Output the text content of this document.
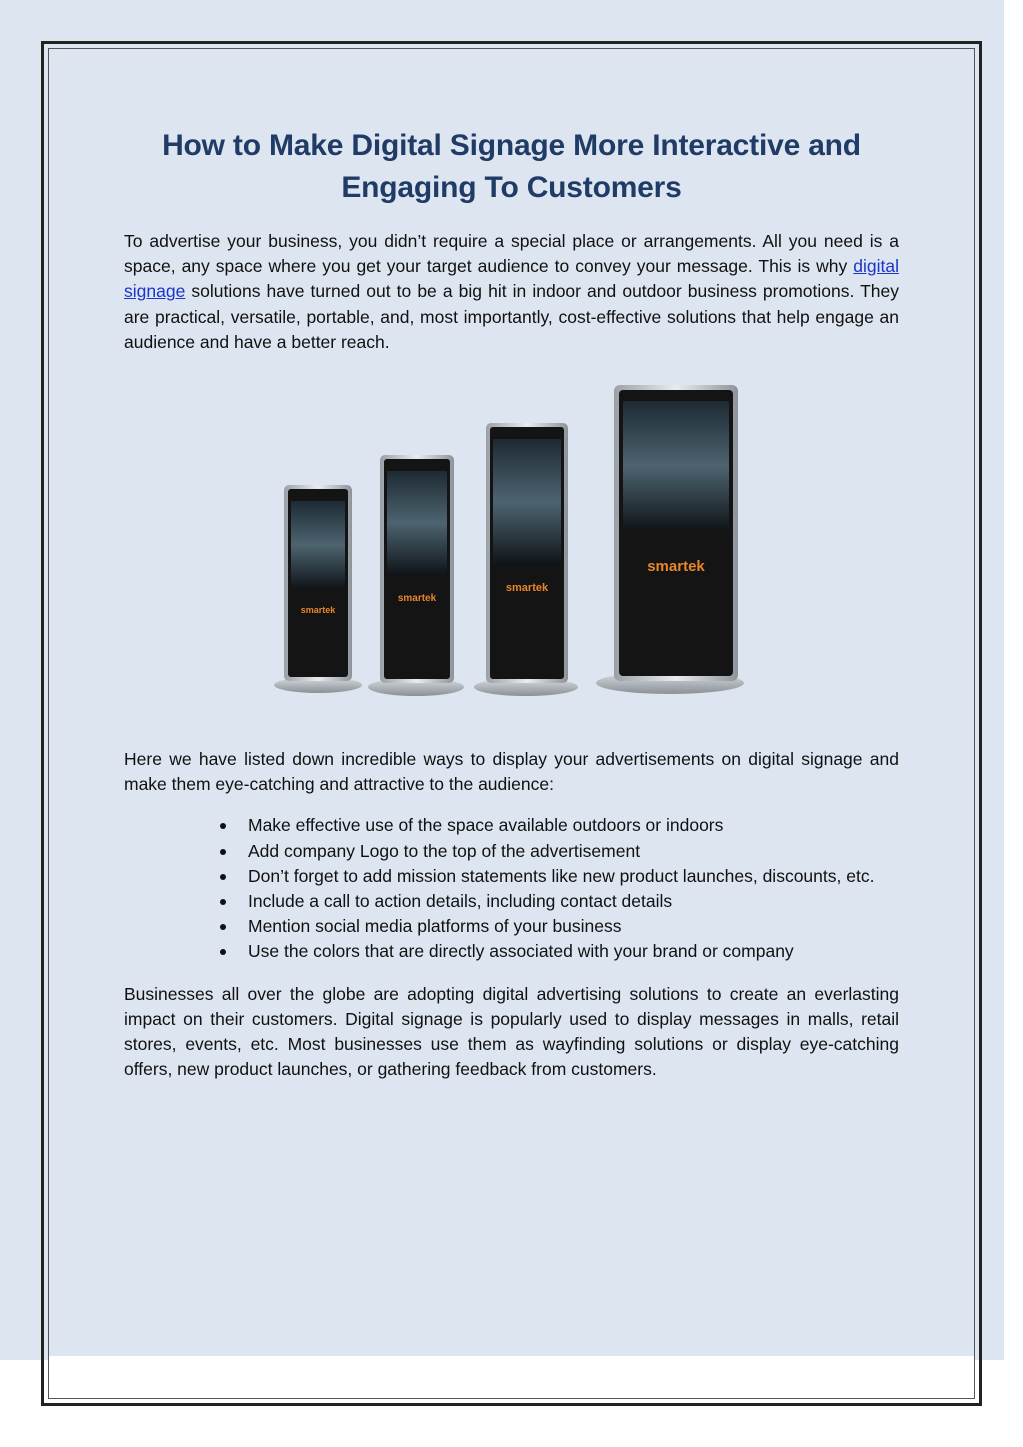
How to Make Digital Signage More Interactive and Engaging To Customers

To advertise your business, you didn’t require a special place or arrangements. All you need is a space, any space where you get your target audience to convey your message. This is why digital signage solutions have turned out to be a big hit in indoor and outdoor business promotions. They are practical, versatile, portable, and, most importantly, cost-effective solutions that help engage an audience and have a better reach.

smartek
smartek
smartek
smartek

Here we have listed down incredible ways to display your advertisements on digital signage and make them eye-catching and attractive to the audience:

Make effective use of the space available outdoors or indoors
Add company Logo to the top of the advertisement
Don’t forget to add mission statements like new product launches, discounts, etc.
Include a call to action details, including contact details
Mention social media platforms of your business
Use the colors that are directly associated with your brand or company

Businesses all over the globe are adopting digital advertising solutions to create an everlasting impact on their customers. Digital signage is popularly used to display messages in malls, retail stores, events, etc. Most businesses use them as wayfinding solutions or display eye-catching offers, new product launches, or gathering feedback from customers.
